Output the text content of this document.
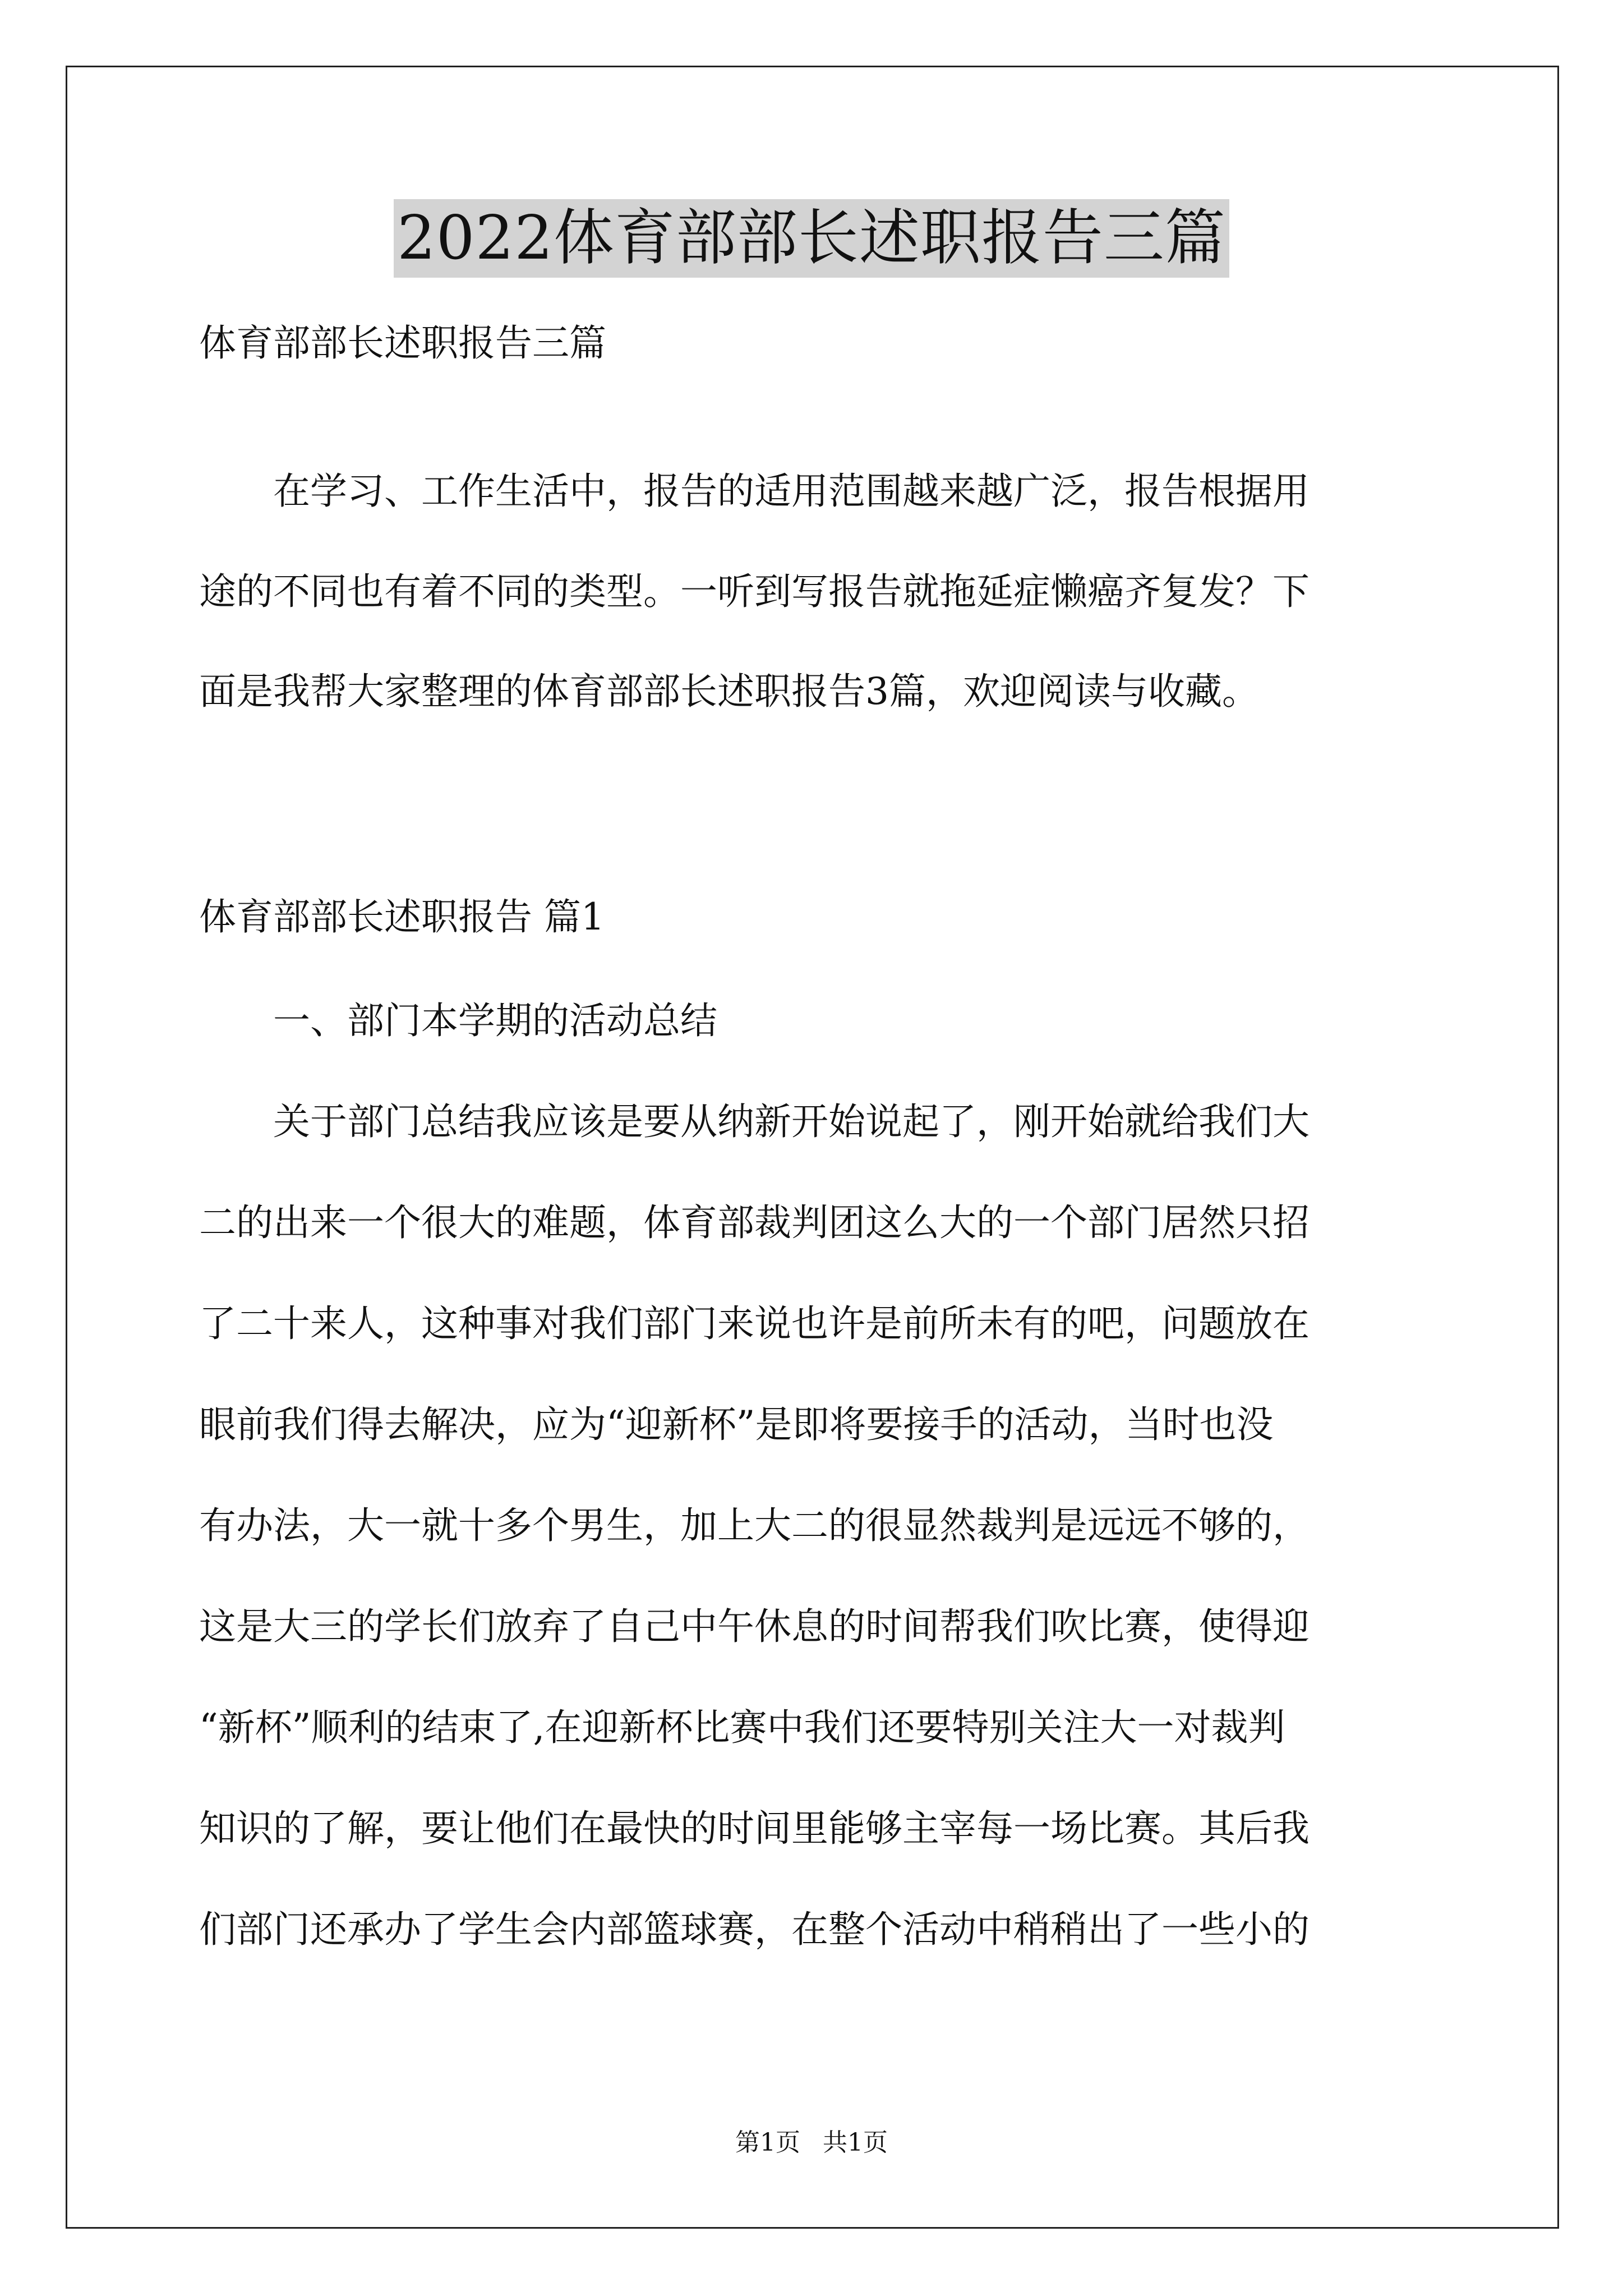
2022体育部部长述职报告三篇
体育部部长述职报告三篇
　　在学习、工作生活中，报告的适用范围越来越广泛，报告根据用
途的不同也有着不同的类型。一听到写报告就拖延症懒癌齐复发？下
面是我帮大家整理的体育部部长述职报告3篇，欢迎阅读与收藏。
体育部部长述职报告 篇1
　　一、部门本学期的活动总结
　　关于部门总结我应该是要从纳新开始说起了，刚开始就给我们大
二的出来一个很大的难题，体育部裁判团这么大的一个部门居然只招
了二十来人，这种事对我们部门来说也许是前所未有的吧，问题放在
眼前我们得去解决，应为“迎新杯”是即将要接手的活动，当时也没
有办法，大一就十多个男生，加上大二的很显然裁判是远远不够的，
这是大三的学长们放弃了自己中午休息的时间帮我们吹比赛，使得迎
“新杯”顺利的结束了,在迎新杯比赛中我们还要特别关注大一对裁判
知识的了解，要让他们在最快的时间里能够主宰每一场比赛。其后我
们部门还承办了学生会内部篮球赛，在整个活动中稍稍出了一些小的
第1页 共1页
